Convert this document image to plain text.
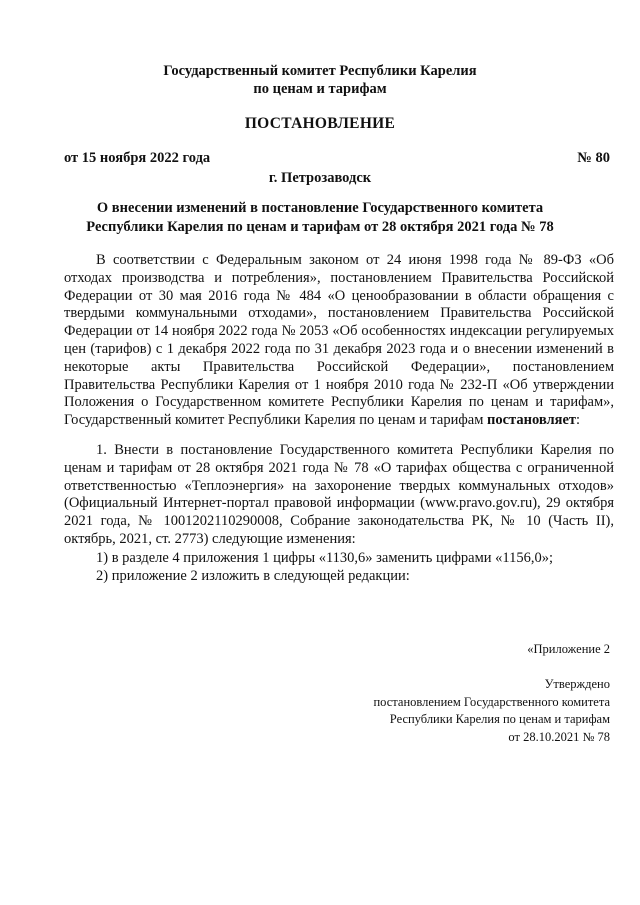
Государственный комитет Республики Карелия
по ценам и тарифам
ПОСТАНОВЛЕНИЕ
от 15 ноября 2022 года	№ 80
г. Петрозаводск
О внесении изменений в постановление Государственного комитета
Республики Карелия по ценам и тарифам от 28 октября 2021 года № 78
В соответствии с Федеральным законом от 24 июня 1998 года № 89-ФЗ «Об отходах производства и потребления», постановлением Правительства Российской Федерации от 30 мая 2016 года № 484 «О ценообразовании в области обращения с твердыми коммунальными отходами», постановлением Правительства Российской Федерации от 14 ноября 2022 года № 2053 «Об особенностях индексации регулируемых цен (тарифов) с 1 декабря 2022 года по 31 декабря 2023 года и о внесении изменений в некоторые акты Правительства Российской Федерации», постановлением Правительства Республики Карелия от 1 ноября 2010 года № 232-П «Об утверждении Положения о Государственном комитете Республики Карелия по ценам и тарифам», Государственный комитет Республики Карелия по ценам и тарифам постановляет:
1. Внести в постановление Государственного комитета Республики Карелия по ценам и тарифам от 28 октября 2021 года № 78 «О тарифах общества с ограниченной ответственностью «Теплоэнергия» на захоронение твердых коммунальных отходов» (Официальный Интернет-портал правовой информации (www.pravo.gov.ru), 29 октября 2021 года, № 1001202110290008, Собрание законодательства РК, № 10 (Часть II), октябрь, 2021, ст. 2773) следующие изменения:
1) в разделе 4 приложения 1 цифры «1130,6» заменить цифрами «1156,0»;
2) приложение 2 изложить в следующей редакции:
«Приложение 2
Утверждено
постановлением Государственного комитета
Республики Карелия по ценам и тарифам
от 28.10.2021 № 78
